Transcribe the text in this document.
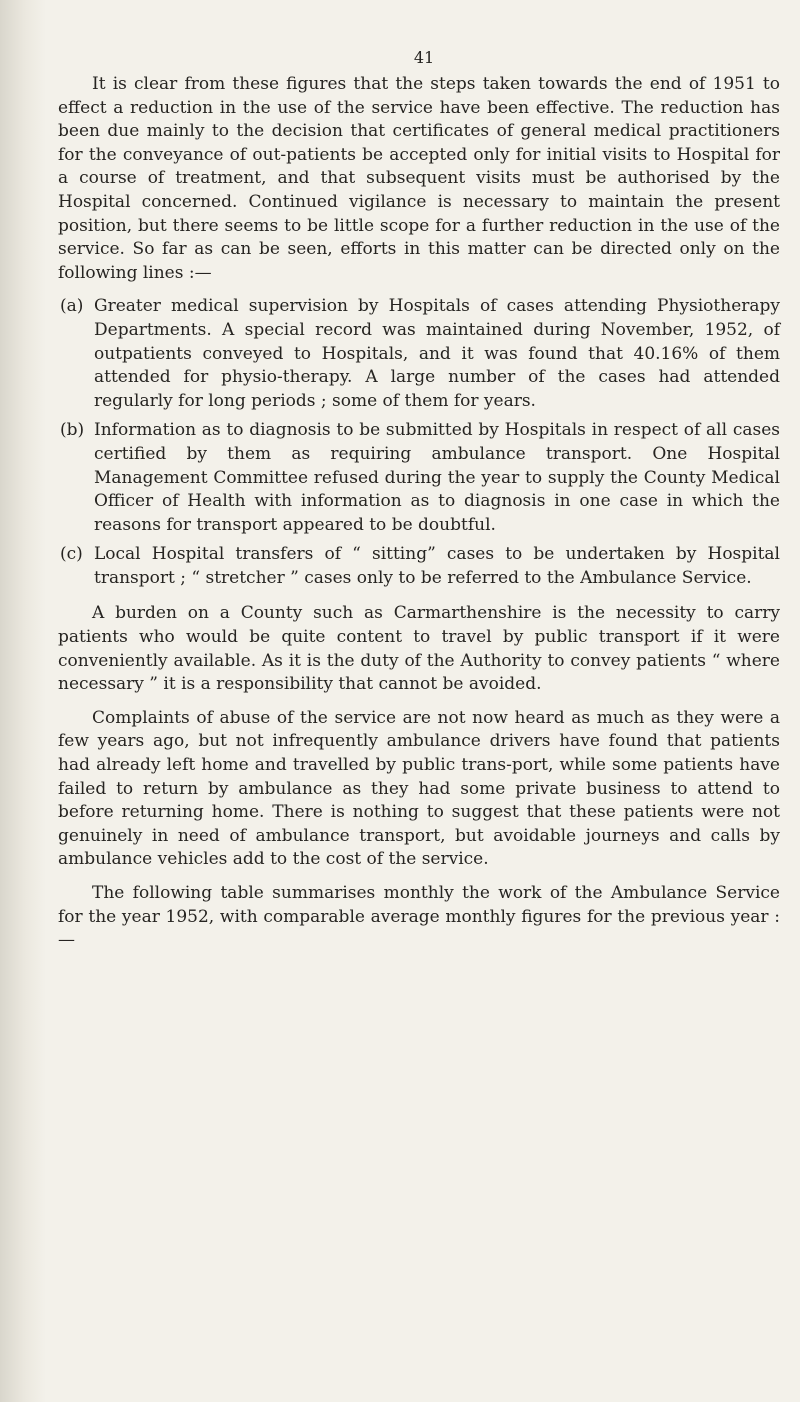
41

It is clear from these figures that the steps taken towards the end of 1951 to effect a reduction in the use of the service have been effective. The reduction has been due mainly to the decision that certificates of general medical practitioners for the conveyance of out-patients be accepted only for initial visits to Hospital for a course of treatment, and that subsequent visits must be authorised by the Hospital concerned. Continued vigilance is necessary to maintain the present position, but there seems to be little scope for a further reduction in the use of the service. So far as can be seen, efforts in this matter can be directed only on the following lines :—

(a) Greater medical supervision by Hospitals of cases attending Physiotherapy Departments. A special record was maintained during November, 1952, of outpatients conveyed to Hospitals, and it was found that 40.16% of them attended for physio-therapy. A large number of the cases had attended regularly for long periods ; some of them for years.

(b) Information as to diagnosis to be submitted by Hospitals in respect of all cases certified by them as requiring ambulance transport. One Hospital Management Committee refused during the year to supply the County Medical Officer of Health with information as to diagnosis in one case in which the reasons for transport appeared to be doubtful.

(c) Local Hospital transfers of “ sitting” cases to be undertaken by Hospital transport ; “ stretcher ” cases only to be referred to the Ambulance Service.

A burden on a County such as Carmarthenshire is the necessity to carry patients who would be quite content to travel by public transport if it were conveniently available. As it is the duty of the Authority to convey patients “ where necessary ” it is a responsibility that cannot be avoided.

Complaints of abuse of the service are not now heard as much as they were a few years ago, but not infrequently ambulance drivers have found that patients had already left home and travelled by public trans-port, while some patients have failed to return by ambulance as they had some private business to attend to before returning home. There is nothing to suggest that these patients were not genuinely in need of ambulance transport, but avoidable journeys and calls by ambulance vehicles add to the cost of the service.

The following table summarises monthly the work of the Ambulance Service for the year 1952, with comparable average monthly figures for the previous year :—
